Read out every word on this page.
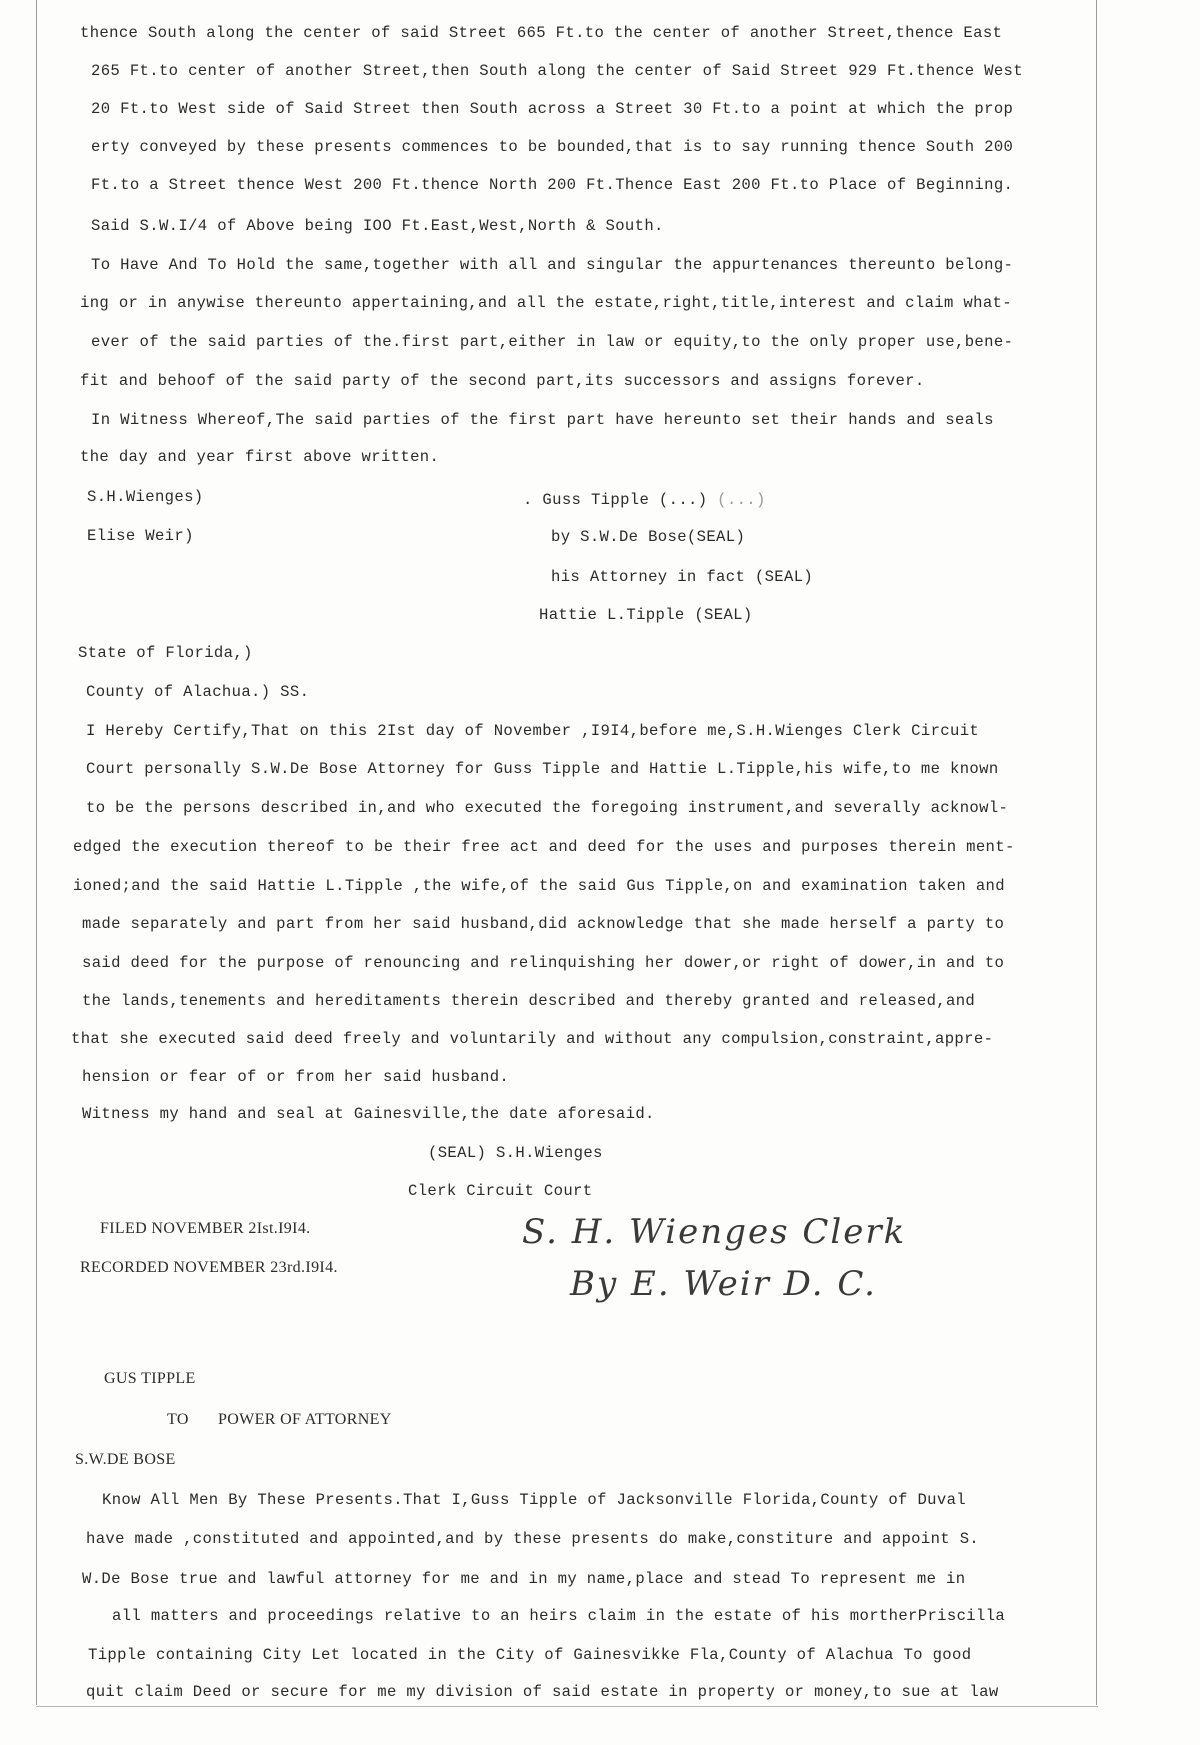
thence South along the center of said Street 665 Ft.to the center of another Street,thence East
265 Ft.to center of another Street,then South along the center of Said Street 929 Ft.thence West
20 Ft.to West side of Said Street then South across a Street 30 Ft.to a point at which the prop
erty conveyed by these presents commences to be bounded,that is to say running thence South 200
Ft.to a Street thence West 200 Ft.thence North 200 Ft.Thence East 200 Ft.to Place of Beginning.
Said S.W.I/4 of Above being IOO Ft.East,West,North & South.
To Have And To Hold the same,together with all and singular the appurtenances thereunto belong-
ing or in anywise thereunto appertaining,and all the estate,right,title,interest and claim what-
ever of the said parties of the.first part,either in law or equity,to the only proper use,bene-
fit and behoof of the said party of the second part,its successors and assigns forever.
In Witness Whereof,The said parties of the first part have hereunto set their hands and seals
the day and year first above written.
S.H.Wienges)
Elise Weir)
. Guss Tipple (...) (...)
by S.W.De Bose(SEAL)
his Attorney in fact (SEAL)
Hattie L.Tipple (SEAL)
State of Florida,)
County of Alachua.) SS.
I Hereby Certify,That on this 2Ist day of November ,I9I4,before me,S.H.Wienges Clerk Circuit
Court personally S.W.De Bose Attorney for Guss Tipple and Hattie L.Tipple,his wife,to me known
to be the persons described in,and who executed the foregoing instrument,and severally acknowl-
edged the execution thereof to be their free act and deed for the uses and purposes therein ment-
ioned;and the said Hattie L.Tipple ,the wife,of the said Gus Tipple,on and examination taken and
made separately and part from her said husband,did acknowledge that she made herself a party to
said deed for the purpose of renouncing and relinquishing her dower,or right of dower,in and to
the lands,tenements and hereditaments therein described and thereby granted and released,and
that she executed said deed freely and voluntarily and without any compulsion,constraint,appre-
hension or fear of or from her said husband.
Witness my hand and seal at Gainesville,the date aforesaid.
(SEAL) S.H.Wienges
Clerk Circuit Court
FILED NOVEMBER 2Ist.I9I4.
RECORDED NOVEMBER 23rd.I9I4.
S. H. Wienges Clerk
By E. Weir D. C.
GUS TIPPLE
TO POWER OF ATTORNEY
S.W.DE BOSE
Know All Men By These Presents.That I,Guss Tipple of Jacksonville Florida,County of Duval
have made ,constituted and appointed,and by these presents do make,constiture and appoint S.
W.De Bose true and lawful attorney for me and in my name,place and stead To represent me in
all matters and proceedings relative to an heirs claim in the estate of his mortherPriscilla
Tipple containing City Let located in the City of Gainesvikke Fla,County of Alachua To good
quit claim Deed or secure for me my division of said estate in property or money,to sue at law
